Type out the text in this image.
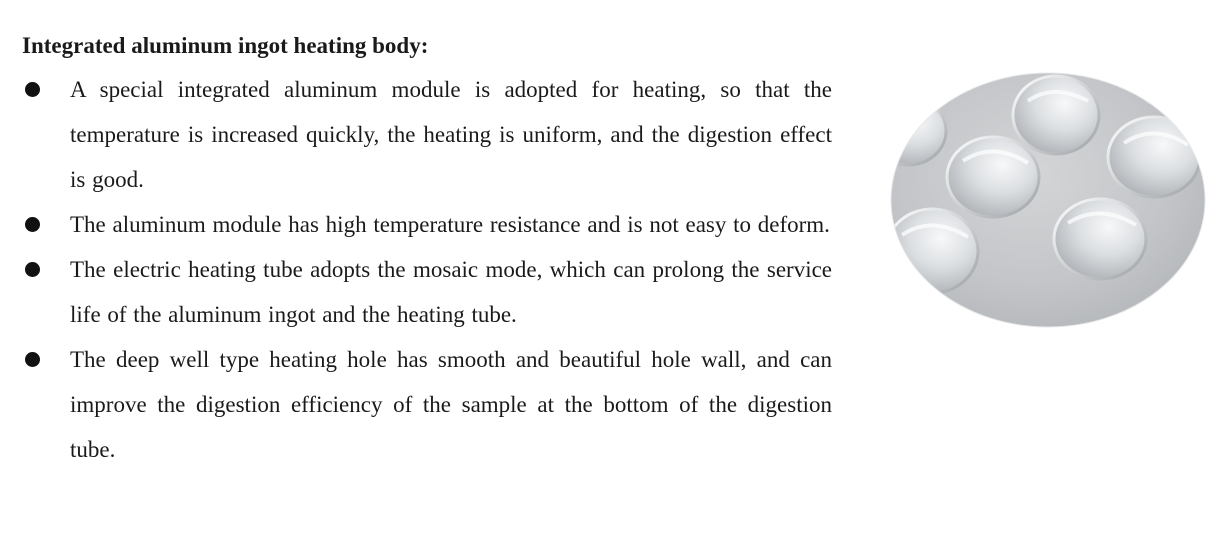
Integrated aluminum ingot heating body:
A special integrated aluminum module is adopted for heating, so that the temperature is increased quickly, the heating is uniform, and the digestion effect is good.
The aluminum module has high temperature resistance and is not easy to deform.
The electric heating tube adopts the mosaic mode, which can prolong the service life of the aluminum ingot and the heating tube.
The deep well type heating hole has smooth and beautiful hole wall, and can improve the digestion efficiency of the sample at the bottom of the digestion tube.
